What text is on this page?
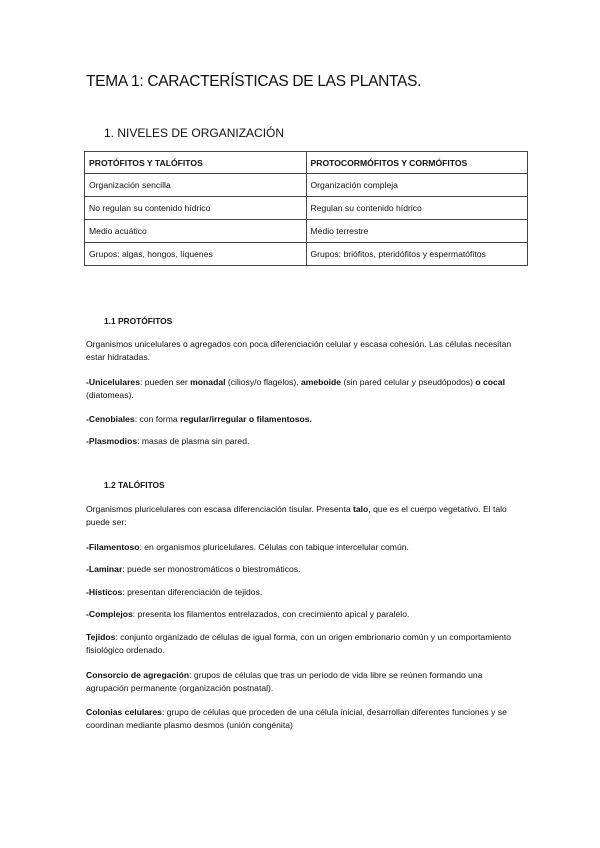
TEMA 1: CARACTERÍSTICAS DE LAS PLANTAS.
1. NIVELES DE ORGANIZACIÓN
PROTÓFITOS Y TALÓFITOS	PROTOCORMÓFITOS Y CORMÓFITOS
Organización sencilla	Organización compleja
No regulan su contenido hídrico	Regulan su contenido hídrico
Medio acuático	Medio terrestre
Grupos: algas, hongos, líquenes	Grupos: briófitos, pteridófitos y espermatófitos

1.1 PROTÓFITOS

Organismos unicelulares o agregados con poca diferenciación celular y escasa cohesión. Las células necesitan estar hidratadas.

-Unicelulares: pueden ser monadal (ciliosy/o flagelos), ameboide (sin pared celular y pseudópodos) o cocal (diatomeas).

-Cenobiales: con forma regular/irregular o filamentosos.

-Plasmodios: masas de plasma sin pared.

1.2 TALÓFITOS

Organismos pluricelulares con escasa diferenciación tisular. Presenta talo, que es el cuerpo vegetativo. El talo puede ser:

-Filamentoso: en organismos pluricelulares. Células con tabique intercelular común.

-Laminar: puede ser monostromáticos o biestromáticos.

-Hísticos: presentan diferenciación de tejidos.

-Complejos: presenta los filamentos entrelazados, con crecimiento apical y paralelo.

Tejidos: conjunto organizado de células de igual forma, con un origen embrionario común y un comportamiento fisiológico ordenado.

Consorcio de agregación: grupos de células que tras un periodo de vida libre se reúnen formando una agrupación permanente (organización postnatal).

Colonias celulares: grupo de células que proceden de una célula inicial, desarrollan diferentes funciones y se coordinan mediante plasmo desmos (unión congénita)
